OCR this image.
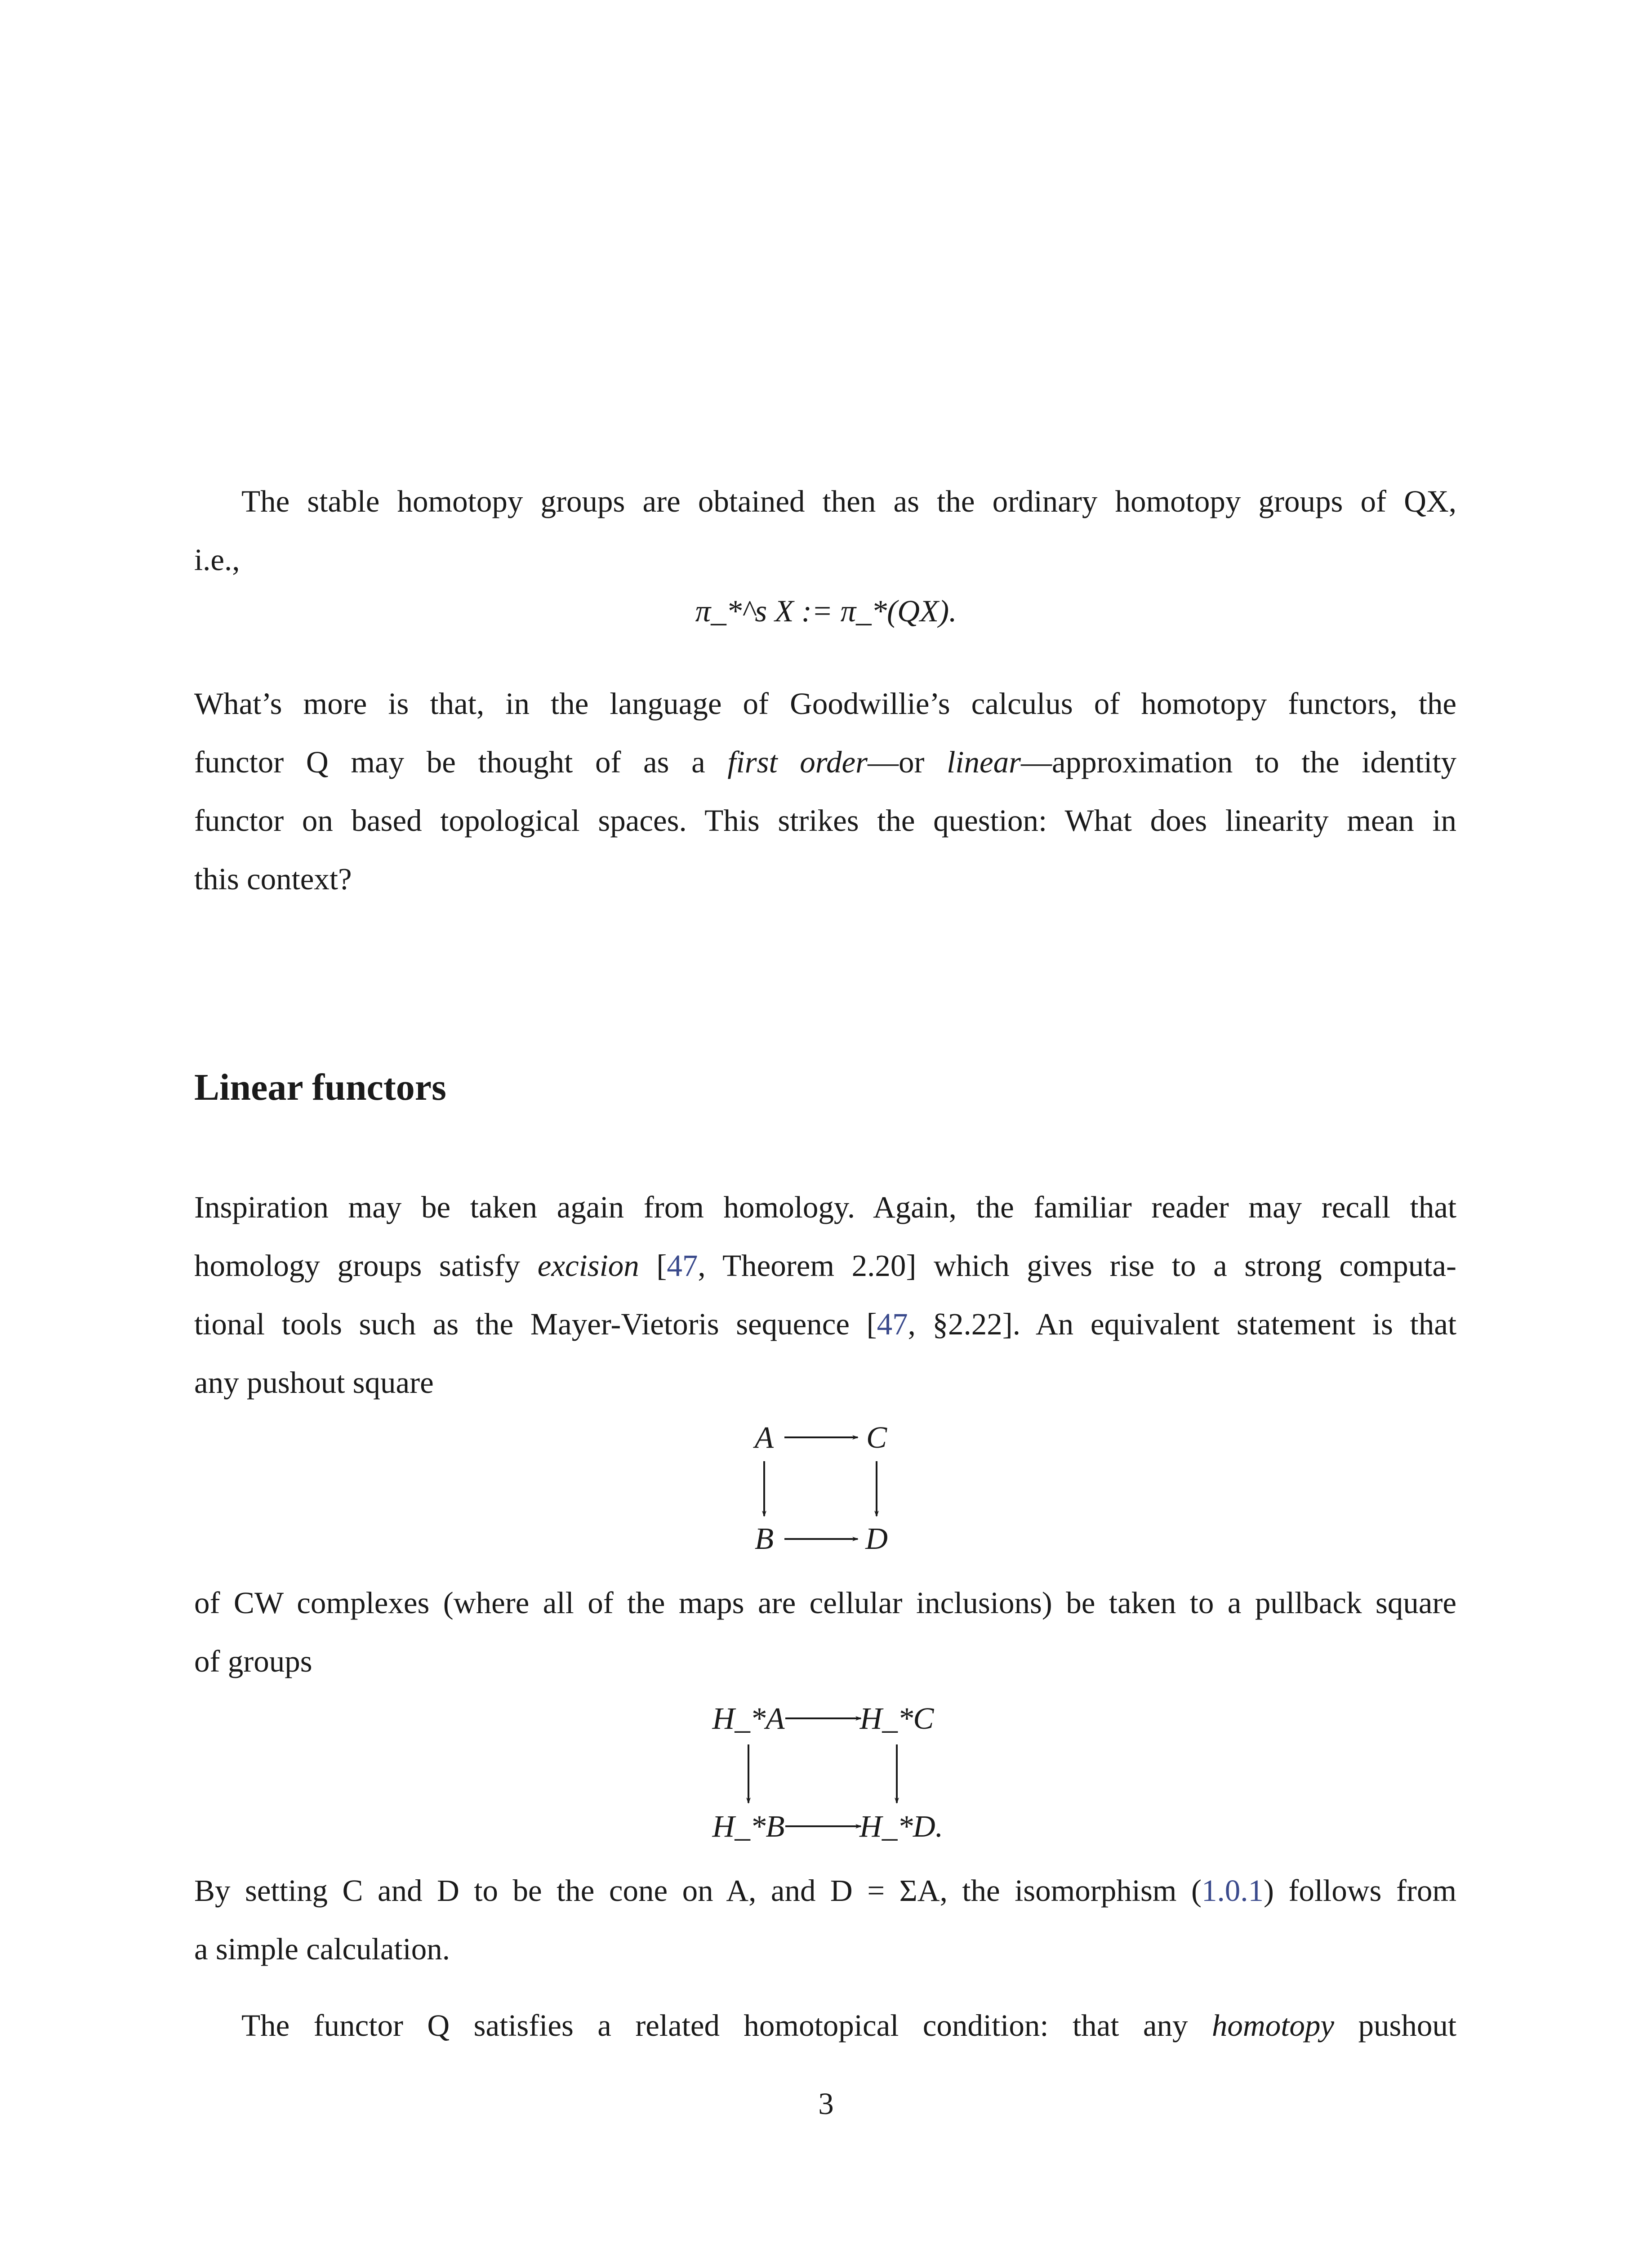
The stable homotopy groups are obtained then as the ordinary homotopy groups of QX,

i.e.,

π_*^s X := π_*(QX).

What’s more is that, in the language of Goodwillie’s calculus of homotopy functors, the

functor Q may be thought of as a first order—or linear—approximation to the identity

functor on based topological spaces. This strikes the question: What does linearity mean in

this context?

Linear functors

Inspiration may be taken again from homology. Again, the familiar reader may recall that

homology groups satisfy excision [47, Theorem 2.20] which gives rise to a strong computa-

tional tools such as the Mayer-Vietoris sequence [47, §2.22]. An equivalent statement is that

any pushout square

A	C
B	D

of CW complexes (where all of the maps are cellular inclusions) be taken to a pullback square

of groups

H_*A H_*C
H_*B H_*D.

By setting C and D to be the cone on A, and D = ΣA, the isomorphism (1.0.1) follows from

a simple calculation.

The functor Q satisfies a related homotopical condition: that any homotopy pushout

3
